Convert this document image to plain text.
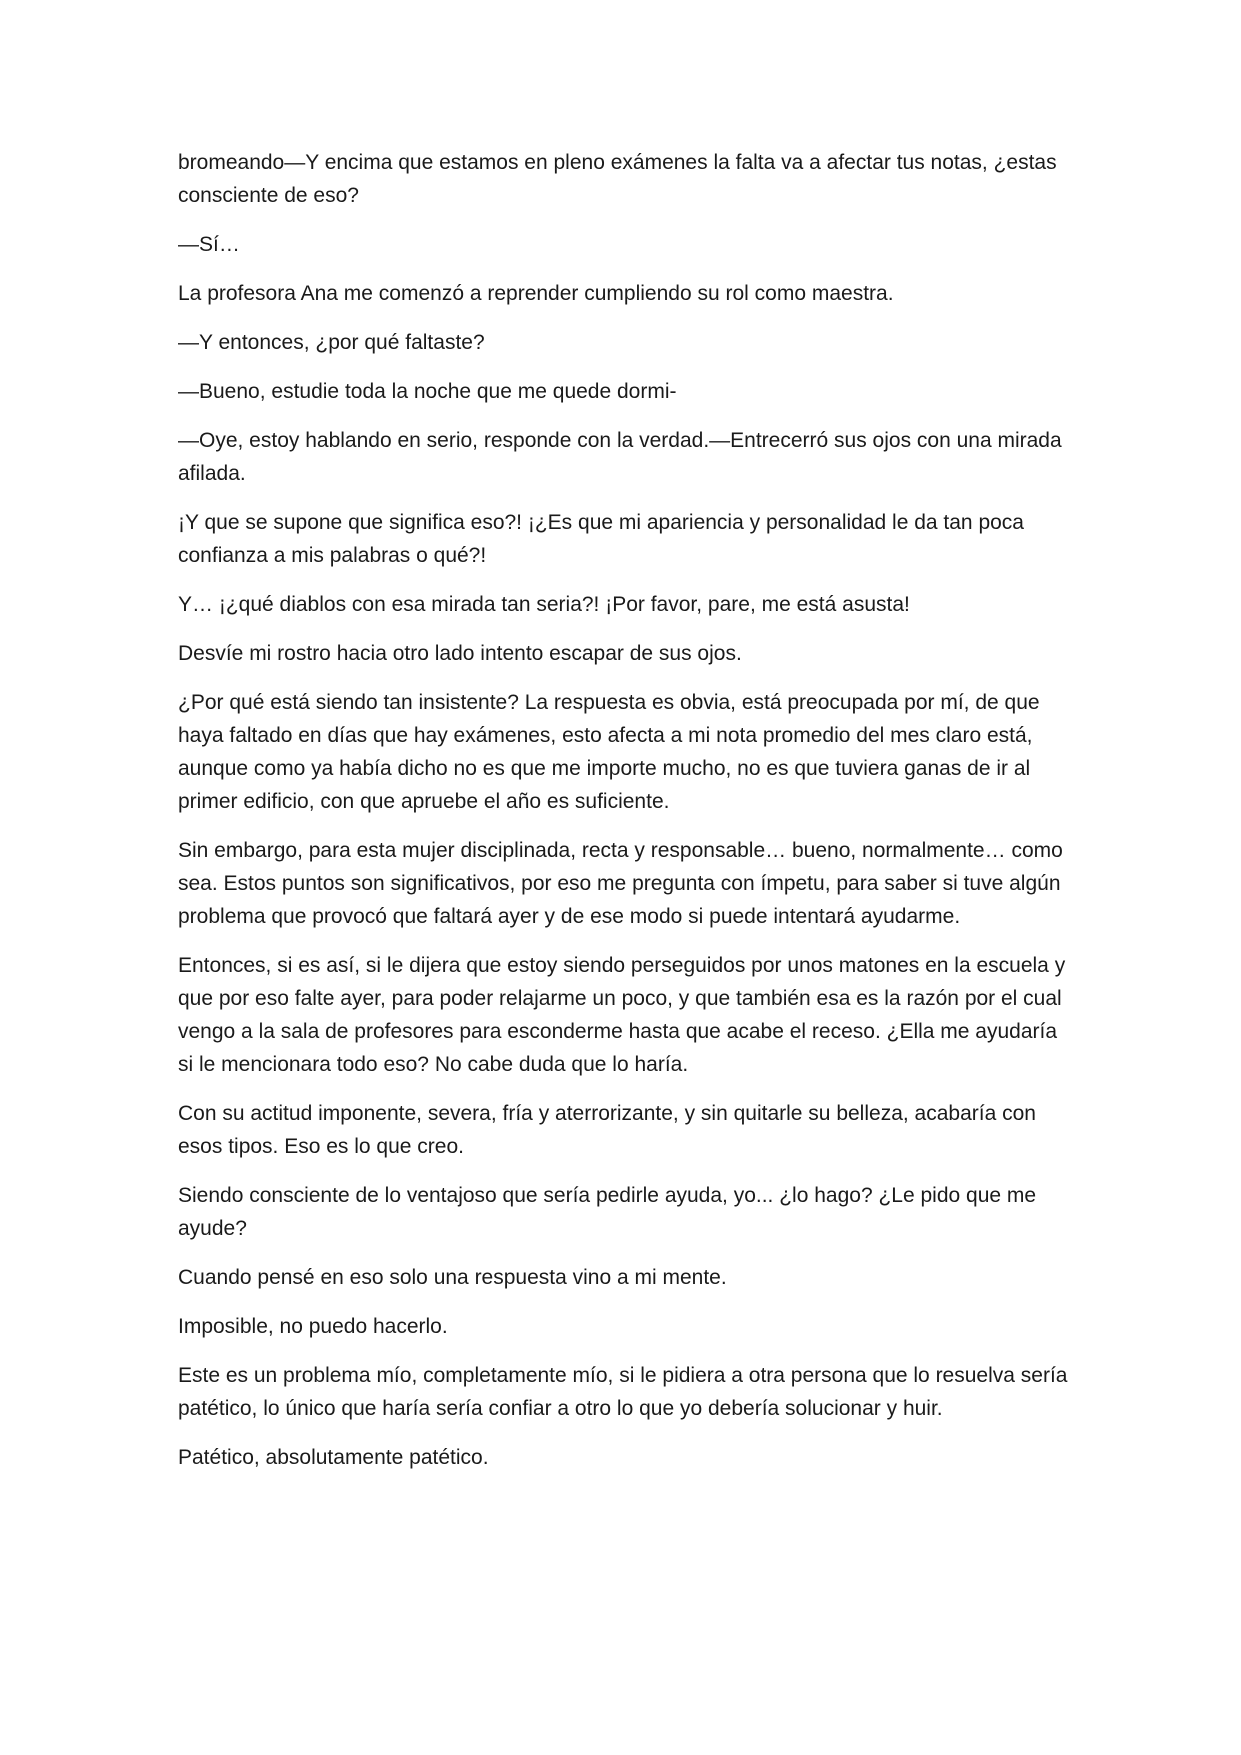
bromeando—Y encima que estamos en pleno exámenes la falta va a afectar tus notas, ¿estas consciente de eso?

—Sí…

La profesora Ana me comenzó a reprender cumpliendo su rol como maestra.

—Y entonces, ¿por qué faltaste?

—Bueno, estudie toda la noche que me quede dormi-

—Oye, estoy hablando en serio, responde con la verdad.—Entrecerró sus ojos con una mirada afilada.

¡Y que se supone que significa eso?! ¡¿Es que mi apariencia y personalidad le da tan poca confianza a mis palabras o qué?!

Y… ¡¿qué diablos con esa mirada tan seria?! ¡Por favor, pare, me está asusta!

Desvíe mi rostro hacia otro lado intento escapar de sus ojos.

¿Por qué está siendo tan insistente? La respuesta es obvia, está preocupada por mí, de que haya faltado en días que hay exámenes, esto afecta a mi nota promedio del mes claro está, aunque como ya había dicho no es que me importe mucho, no es que tuviera ganas de ir al primer edificio, con que apruebe el año es suficiente.

Sin embargo, para esta mujer disciplinada, recta y responsable… bueno, normalmente… como sea. Estos puntos son significativos, por eso me pregunta con ímpetu, para saber si tuve algún problema que provocó que faltará ayer y de ese modo si puede intentará ayudarme.

Entonces, si es así, si le dijera que estoy siendo perseguidos por unos matones en la escuela y que por eso falte ayer, para poder relajarme un poco, y que también esa es la razón por el cual vengo a la sala de profesores para esconderme hasta que acabe el receso. ¿Ella me ayudaría si le mencionara todo eso? No cabe duda que lo haría.

Con su actitud imponente, severa, fría y aterrorizante, y sin quitarle su belleza, acabaría con esos tipos. Eso es lo que creo.

Siendo consciente de lo ventajoso que sería pedirle ayuda, yo... ¿lo hago? ¿Le pido que me ayude?

Cuando pensé en eso solo una respuesta vino a mi mente.

Imposible, no puedo hacerlo.

Este es un problema mío, completamente mío, si le pidiera a otra persona que lo resuelva sería patético, lo único que haría sería confiar a otro lo que yo debería solucionar y huir.

Patético, absolutamente patético.
